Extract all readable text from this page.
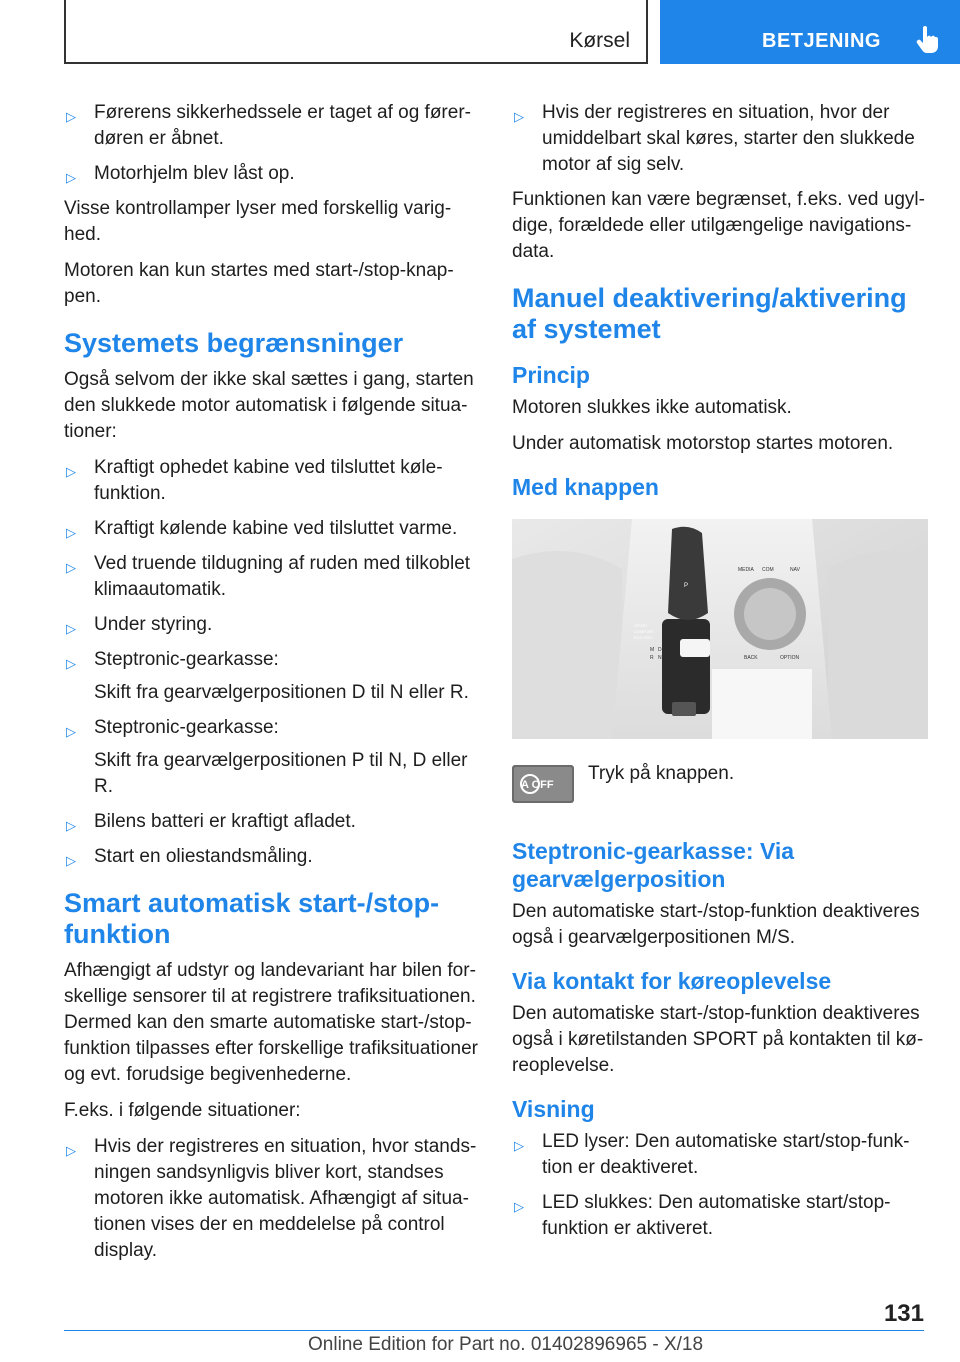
Kørsel	BETJENING
▷ Førerens sikkerhedssele er taget af og førerdøren er åbnet.
▷ Motorhjelm blev låst op.

Visse kontrollamper lyser med forskellig varighed.

Motoren kan kun startes med start-/stop-knappen.

Systemets begrænsninger

Også selvom der ikke skal sættes i gang, starten den slukkede motor automatisk i følgende situationer:

▷ Kraftigt ophedet kabine ved tilsluttet kølefunktion.
▷ Kraftigt kølende kabine ved tilsluttet varme.
▷ Ved truende tildugning af ruden med tilkoblet klimaautomatik.
▷ Under styring.
▷ Steptronic-gearkasse:
Skift fra gearvælgerpositionen D til N eller R.
▷ Steptronic-gearkasse:
Skift fra gearvælgerpositionen P til N, D eller R.
▷ Bilens batteri er kraftigt afladet.
▷ Start en oliestandsmåling.
Smart automatisk start-/stop-funktion

Afhængigt af udstyr og landevariant har bilen forskellige sensorer til at registrere trafiksituationen. Dermed kan den smarte automatiske start-/stop-funktion tilpasses efter forskellige trafiksituationer og evt. forudsige begivenhederne.

F.eks. i følgende situationer:

▷ Hvis der registreres en situation, hvor standsningen sandsynligvis bliver kort, standses motoren ikke automatisk. Afhængigt af situationen vises der en meddelelse på control display.
▷ Hvis der registreres en situation, hvor der umiddelbart skal køres, starter den slukkede motor af sig selv.

Funktionen kan være begrænset, f.eks. ved ugyldige, forældede eller utilgængelige navigationsdata.

Manuel deaktivering/aktivering af systemet
Princip

Motoren slukkes ikke automatisk.

Under automatisk motorstop startes motoren.

Med knappen
P
MEDIA COM	NAV
BACK	OPTION
SPORT
COMFORT
ECO PRO
M D
R N
A OFF
Tryk på knappen.
Steptronic-gearkasse: Via gearvælgerposition

Den automatiske start-/stop-funktion deaktiveres også i gearvælgerpositionen M/S.

Via kontakt for køreoplevelse

Den automatiske start-/stop-funktion deaktiveres også i køretilstanden SPORT på kontakten til køreoplevelse.

Visning
▷ LED lyser: Den automatiske start/stop-funktion er deaktiveret.
▷ LED slukkes: Den automatiske start/stop-funktion er aktiveret.
131
Online Edition for Part no. 01402896965 - X/18
